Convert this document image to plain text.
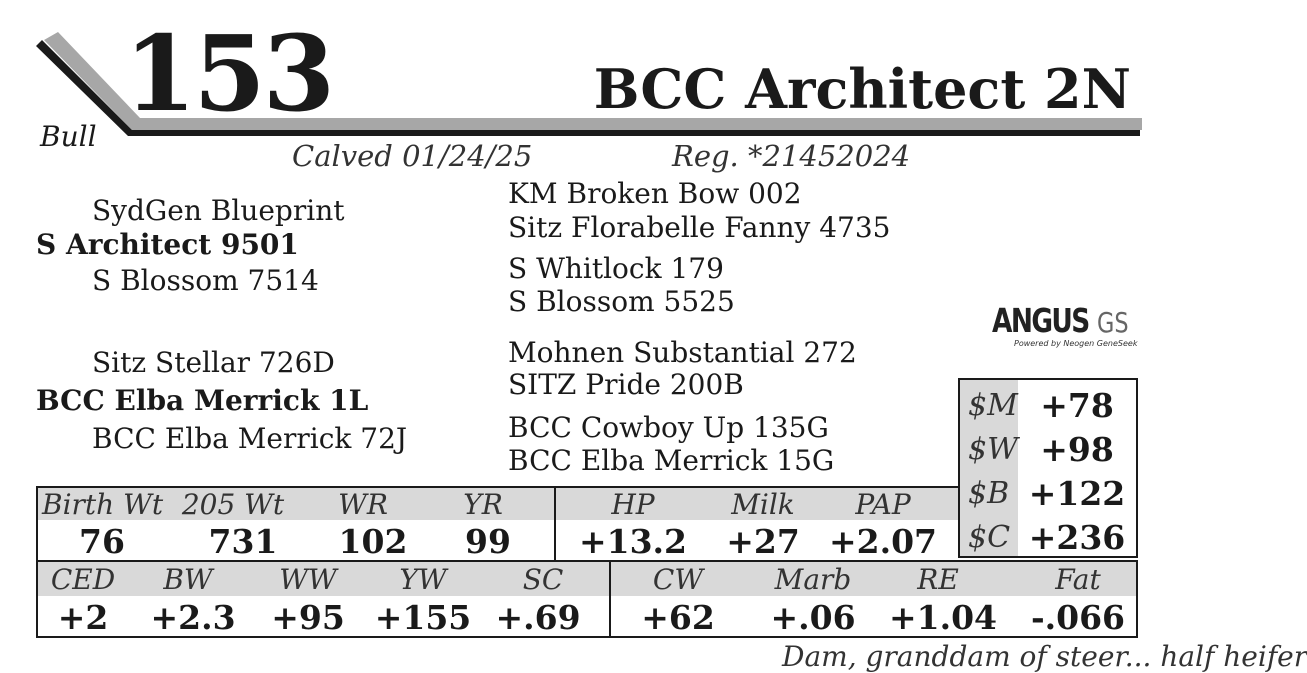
153
Bull
BCC Architect 2N
Calved 01/24/25	Reg. *21452024
SydGen Blueprint
S Architect 9501
S Blossom 7514
Sitz Stellar 726D
BCC Elba Merrick 1L
BCC Elba Merrick 72J
KM Broken Bow 002
Sitz Florabelle Fanny 4735
S Whitlock 179
S Blossom 5525
Mohnen Substantial 272
SITZ Pride 200B
BCC Cowboy Up 135G
BCC Elba Merrick 15G
ANGUS GS
Powered by Neogen GeneSeek
$M +78
$W +98
$B +122
$C +236
Birth Wt 205 Wt	WR	YR	HP	Milk	PAP
76	731	102	99	+13.2	+27 +2.07
CED	BW	WW	YW	SC	CW	Marb	RE	Fat
+2	+2.3 +95 +155 +.69	+62	+.06	+1.04	-.066
Dam, granddam of steer... half heifer
